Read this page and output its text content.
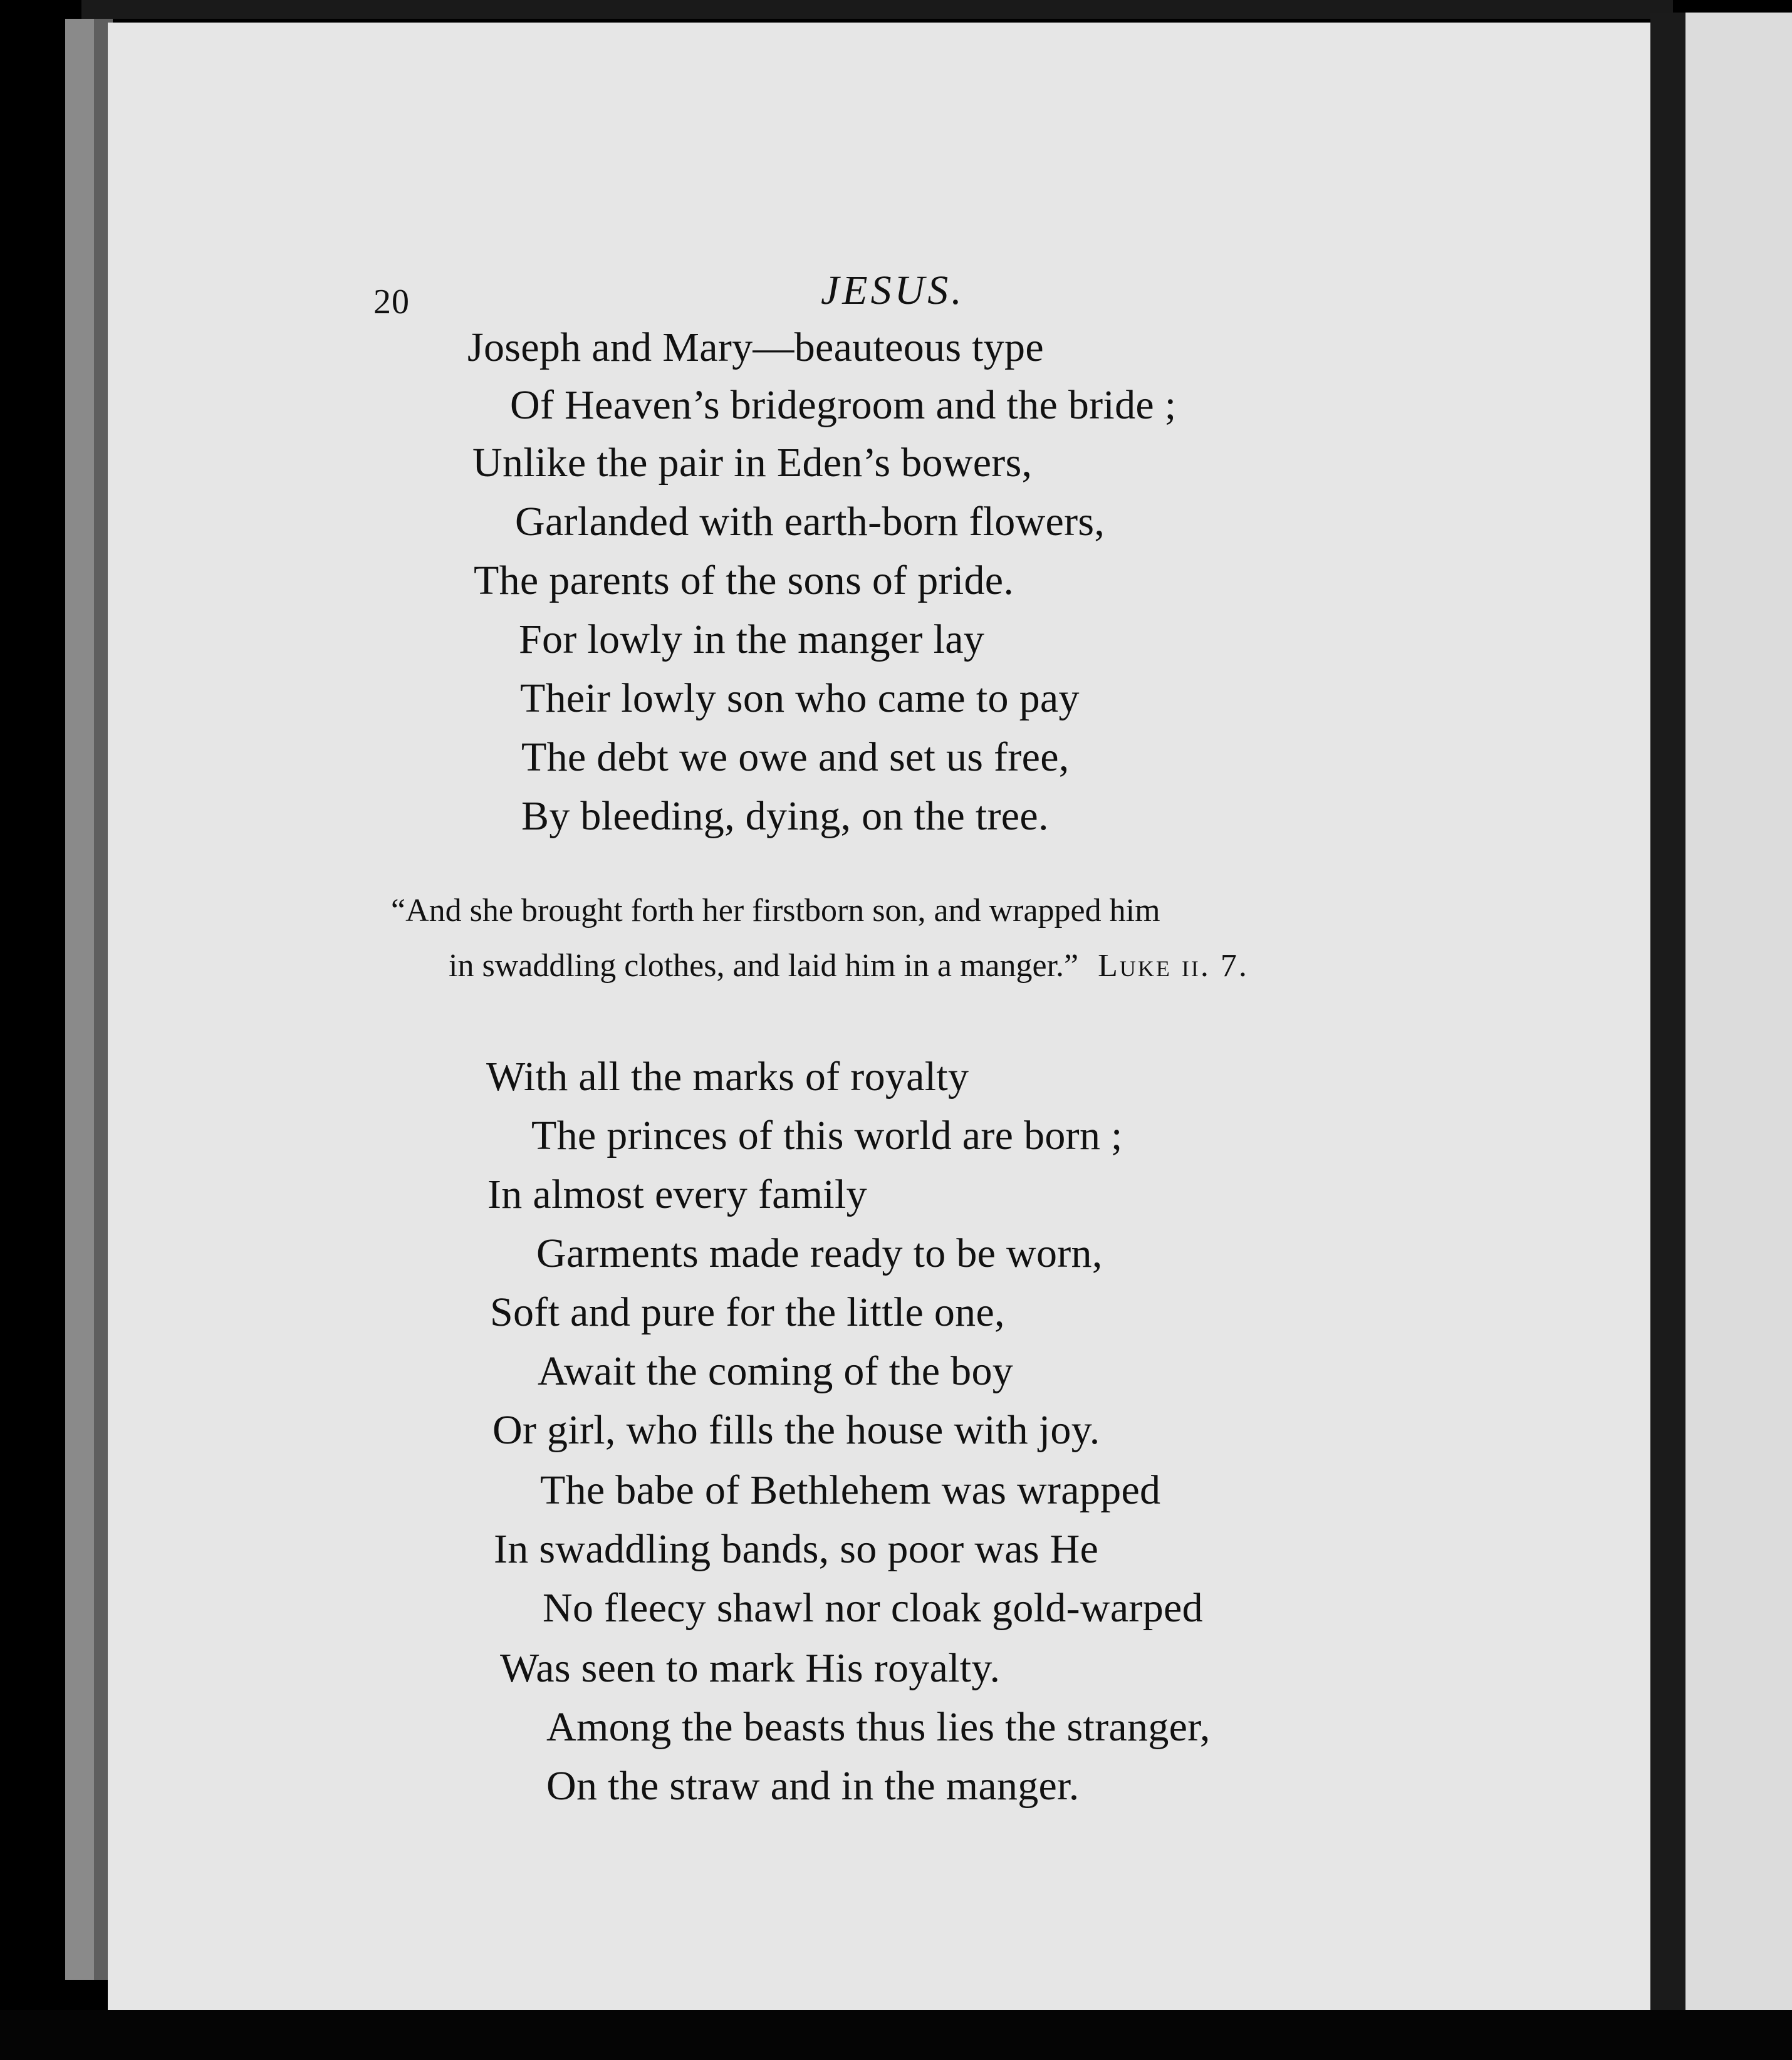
20	JESUS.
Joseph and Mary—beauteous type
Of Heaven’s bridegroom and the bride ;
Unlike the pair in Eden’s bowers,
Garlanded with earth-born flowers,
The parents of the sons of pride.
For lowly in the manger lay
Their lowly son who came to pay
The debt we owe and set us free,
By bleeding, dying, on the tree.
“And she brought forth her firstborn son, and wrapped him
in swaddling clothes, and laid him in a manger.” Luke ii. 7.
With all the marks of royalty
The princes of this world are born ;
In almost every family
Garments made ready to be worn,
Soft and pure for the little one,
Await the coming of the boy
Or girl, who fills the house with joy.
The babe of Bethlehem was wrapped
In swaddling bands, so poor was He
No fleecy shawl nor cloak gold-warped
Was seen to mark His royalty.
Among the beasts thus lies the stranger,
On the straw and in the manger.
